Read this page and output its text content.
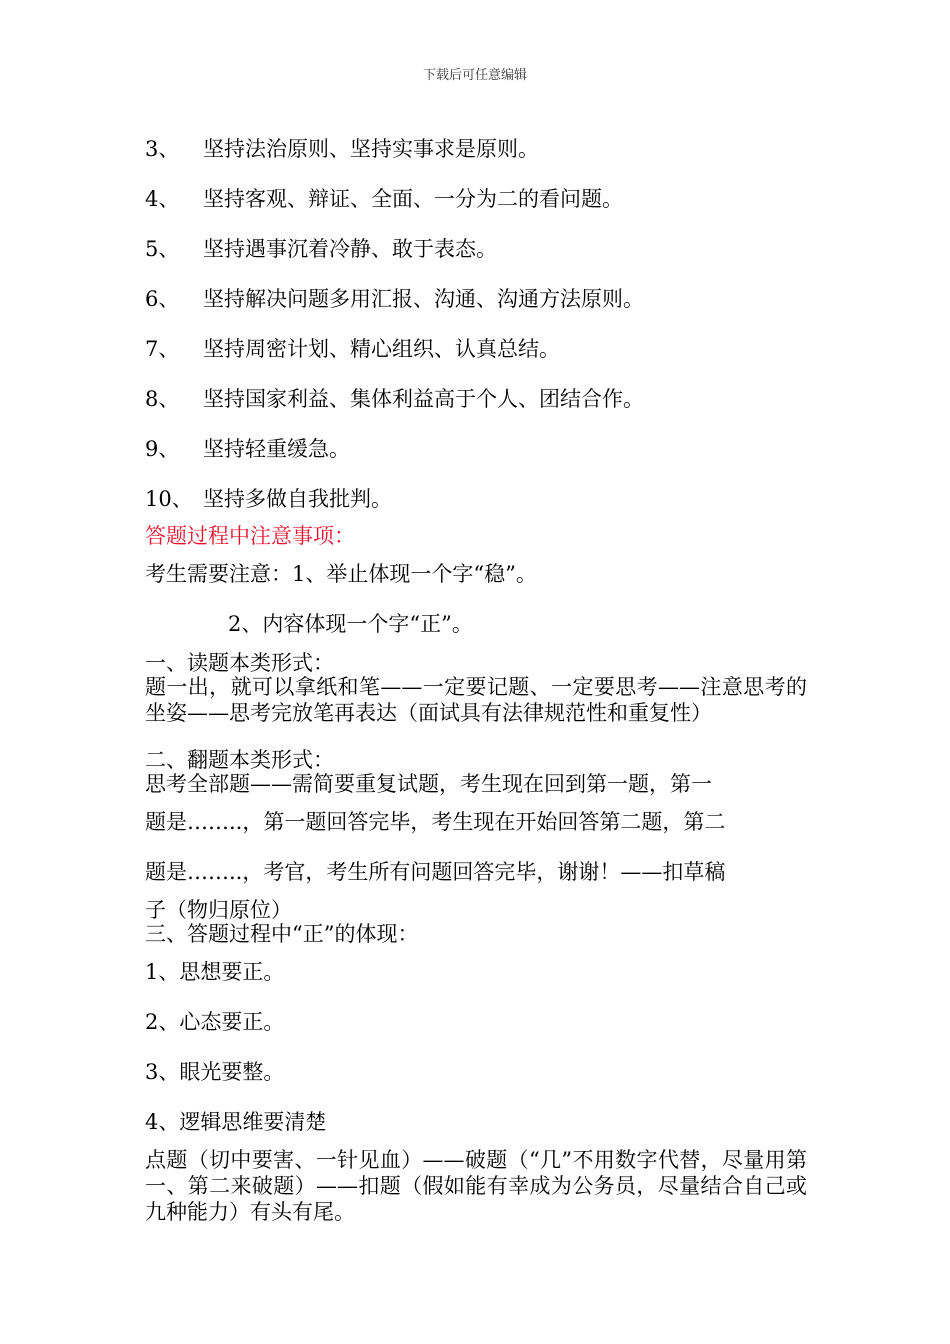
下载后可任意编辑
3、 坚持法治原则、坚持实事求是原则。
4、 坚持客观、辩证、全面、一分为二的看问题。
5、 坚持遇事沉着冷静、敢于表态。
6、 坚持解决问题多用汇报、沟通、沟通方法原则。
7、 坚持周密计划、精心组织、认真总结。
8、 坚持国家利益、集体利益高于个人、团结合作。
9、 坚持轻重缓急。
10、 坚持多做自我批判。
答题过程中注意事项：
考生需要注意：1、举止体现一个字“稳”。
2、内容体现一个字“正”。
一、读题本类形式：
题一出，就可以拿纸和笔——一定要记题、一定要思考——注意思考的坐姿——思考完放笔再表达（面试具有法律规范性和重复性）
二、翻题本类形式：
思考全部题——需简要重复试题，考生现在回到第一题，第一
题是……..，第一题回答完毕，考生现在开始回答第二题，第二
题是……..，考官，考生所有问题回答完毕，谢谢！——扣草稿
子（物归原位）
三、答题过程中“正”的体现：
1、思想要正。
2、心态要正。
3、眼光要整。
4、逻辑思维要清楚
点题（切中要害、一针见血）——破题（“几”不用数字代替，尽量用第一、第二来破题）——扣题（假如能有幸成为公务员，尽量结合自己或九种能力）有头有尾。
